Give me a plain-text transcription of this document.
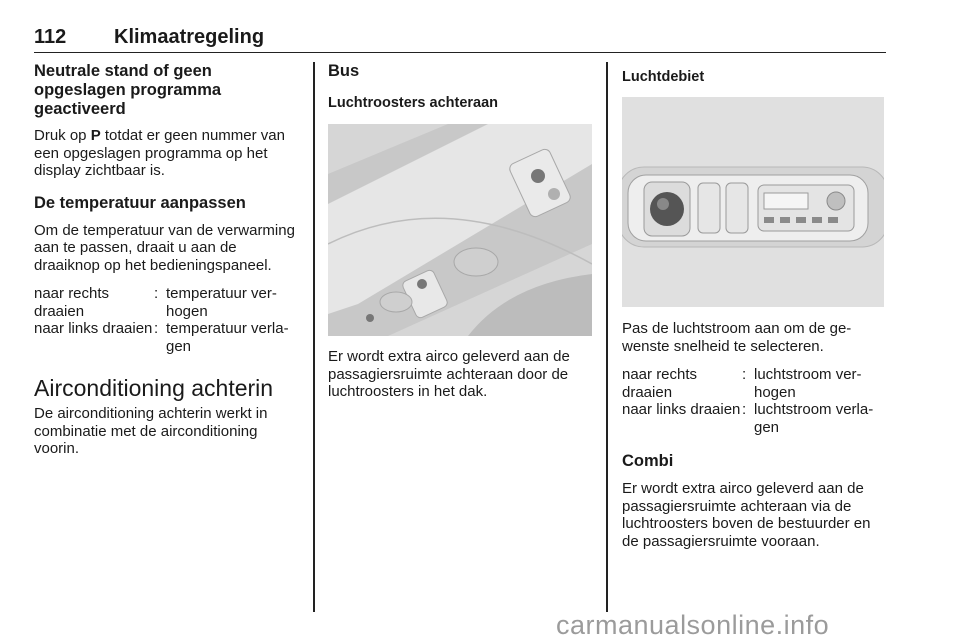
112 Klimaatregeling

Neutrale stand of geen opgeslagen programma geactiveerd

Druk op P totdat er geen nummer van een opgeslagen programma op het display zichtbaar is.

De temperatuur aanpassen

Om de temperatuur van de verwarming aan te passen, draait u aan de draaiknop op het bedieningspaneel.

naar rechts draaien
: temperatuur verhogen
naar links draaien : temperatuur verlagen

Airconditioning achterin

De airconditioning achterin werkt in combinatie met de airconditioning voorin.

Bus

Luchtroosters achteraan

Er wordt extra airco geleverd aan de passagiersruimte achteraan door de luchtroosters in het dak.

Luchtdebiet

Pas de luchtstroom aan om de gewenste snelheid te selecteren.

naar rechts draaien
: luchtstroom verhogen
naar links draaien : luchtstroom verlagen

Combi

Er wordt extra airco geleverd aan de passagiersruimte achteraan via de luchtroosters boven de bestuurder en de passagiersruimte vooraan.

carmanualsonline.info
